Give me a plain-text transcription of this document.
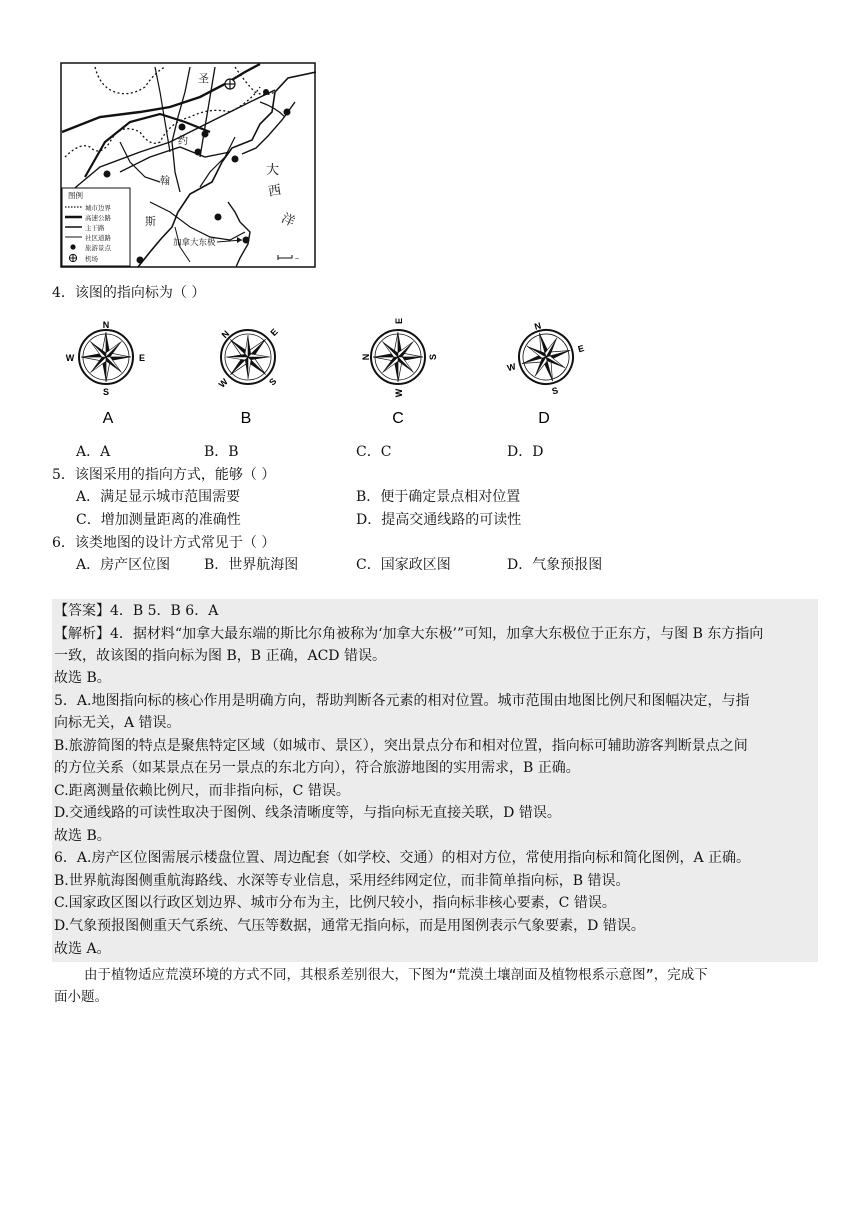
圣
约
翰
斯
大
西
洋
加拿大东极
~
图例
城市边界
高速公路
主干路
社区道路
旅游景点
机场
4．该图的指向标为（ ）
N
S
W	E
N
S
W
E
N	S
W
E	N
S
W
E
A	B	C	D
A．A	B．B	C．C	D．D
5．该图采用的指向方式，能够（ ）
A．满足显示城市范围需要	B．便于确定景点相对位置
C．增加测量距离的准确性	D．提高交通线路的可读性
6．该类地图的设计方式常见于（ ）
A．房产区位图 B．世界航海图	C．国家政区图	D．气象预报图
【答案】4．B 5．B 6．A
【解析】4．据材料“加拿大最东端的斯比尔角被称为‘加拿大东极’”可知，加拿大东极位于正东方，与图 B 东方指向
一致，故该图的指向标为图 B，B 正确，ACD 错误。
故选 B。
5．A.地图指向标的核心作用是明确方向，帮助判断各元素的相对位置。城市范围由地图比例尺和图幅决定，与指
向标无关，A 错误。
B.旅游简图的特点是聚焦特定区域（如城市、景区），突出景点分布和相对位置，指向标可辅助游客判断景点之间
的方位关系（如某景点在另一景点的东北方向），符合旅游地图的实用需求，B 正确。
C.距离测量依赖比例尺，而非指向标，C 错误。
D.交通线路的可读性取决于图例、线条清晰度等，与指向标无直接关联，D 错误。
故选 B。
6．A.房产区位图需展示楼盘位置、周边配套（如学校、交通）的相对方位，常使用指向标和简化图例，A 正确。
B.世界航海图侧重航海路线、水深等专业信息，采用经纬网定位，而非简单指向标，B 错误。
C.国家政区图以行政区划边界、城市分布为主，比例尺较小，指向标非核心要素，C 错误。
D.气象预报图侧重天气系统、气压等数据，通常无指向标，而是用图例表示气象要素，D 错误。
故选 A。
由于植物适应荒漠环境的方式不同，其根系差别很大，下图为“荒漠土壤剖面及植物根系示意图”，完成下
面小题。
